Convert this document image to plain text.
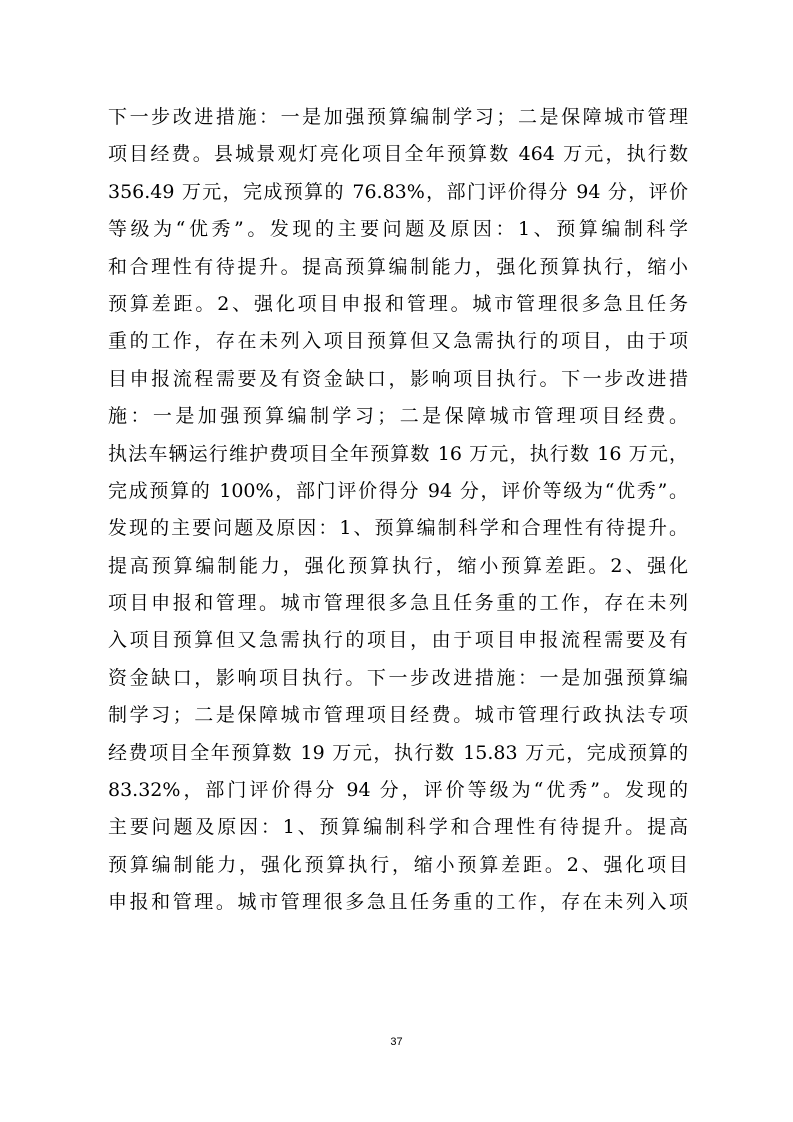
下一步改进措施：一是加强预算编制学习；二是保障城市管理
项目经费。县城景观灯亮化项目全年预算数 464 万元，执行数
356.49 万元，完成预算的 76.83%，部门评价得分 94 分，评价
等级为“优秀”。发现的主要问题及原因：1、预算编制科学
和合理性有待提升。提高预算编制能力，强化预算执行，缩小
预算差距。2、强化项目申报和管理。城市管理很多急且任务
重的工作，存在未列入项目预算但又急需执行的项目，由于项
目申报流程需要及有资金缺口，影响项目执行。下一步改进措
施：一是加强预算编制学习；二是保障城市管理项目经费。
执法车辆运行维护费项目全年预算数 16 万元，执行数 16 万元，
完成预算的 100%，部门评价得分 94 分，评价等级为“优秀”。
发现的主要问题及原因：1、预算编制科学和合理性有待提升。
提高预算编制能力，强化预算执行，缩小预算差距。2、强化
项目申报和管理。城市管理很多急且任务重的工作，存在未列
入项目预算但又急需执行的项目，由于项目申报流程需要及有
资金缺口，影响项目执行。下一步改进措施：一是加强预算编
制学习；二是保障城市管理项目经费。城市管理行政执法专项
经费项目全年预算数 19 万元，执行数 15.83 万元，完成预算的
83.32%，部门评价得分 94 分，评价等级为“优秀”。发现的
主要问题及原因：1、预算编制科学和合理性有待提升。提高
预算编制能力，强化预算执行，缩小预算差距。2、强化项目
申报和管理。城市管理很多急且任务重的工作，存在未列入项
37
